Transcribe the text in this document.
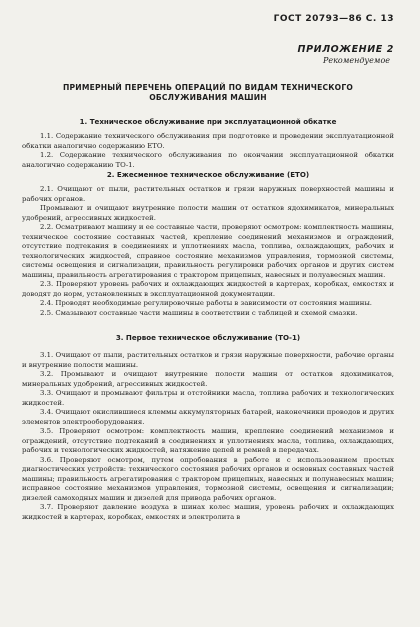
ГОСТ 20793—86 С. 13
ПРИЛОЖЕНИЕ 2
Рекомендуемое
ПРИМЕРНЫЙ ПЕРЕЧЕНЬ ОПЕРАЦИЙ ПО ВИДАМ ТЕХНИЧЕСКОГО
ОБСЛУЖИВАНИЯ МАШИН
1. Техническое обслуживание при эксплуатационной обкатке

1.1. Содержание технического обслуживания при подготовке и проведении эксплуатационной обкатки аналогично содержанию ЕТО.

1.2. Содержание технического обслуживания по окончании эксплуатационной обкатки аналогично содержанию ТО-1.

2. Ежесменное техническое обслуживание (ЕТО)

2.1. Очищают от пыли, растительных остатков и грязи наружных поверхностей машины и рабочих органов.

Промывают и очищают внутренние полости машин от остатков ядохимикатов, минеральных удобрений, агрессивных жидкостей.

2.2. Осматривают машину и ее составные части, проверяют осмотром: комплектность машины, техническое состояние составных частей, крепление соединений механизмов и ограждений, отсутствие подтекания в соединениях и уплотнениях масла, топлива, охлаждающих, рабочих и технологических жидкостей, справное состояние механизмов управления, тормозной системы, системы освещения и сигнализации, правильность регулировки рабочих органов и других систем машины, правильность агрегатирования с трактором прицепных, навесных и полуавесных машин.

2.3. Проверяют уровень рабочих и охлаждающих жидкостей в картерах, коробках, емкостях и доводят до норм, установленных в эксплуатационной документации.

2.4. Проводят необходимые регулировочные работы в зависимости от состояния машины.

2.5. Смазывают составные части машины в соответствии с таблицей и схемой смазки.

3. Первое техническое обслуживание (ТО-1)

3.1. Очищают от пыли, растительных остатков и грязи наружные поверхности, рабочие органы и внутренние полости машины.

3.2. Промывают и очищают внутренние полости машин от остатков ядохимикатов, минеральных удобрений, агрессивных жидкостей.

3.3. Очищают и промывают фильтры и отстойники масла, топлива рабочих и технологических жидкостей.

3.4. Очищают окислившиеся клеммы аккумуляторных батарей, наконечники проводов и других элементов электрооборудования.

3.5. Проверяют осмотром: комплектность машин, крепление соединений механизмов и ограждений, отсутствие подтеканий в соединениях и уплотнениях масла, топлива, охлаждающих, рабочих и технологических жидкостей, натяжение цепей и ремней в передачах.

3.6. Проверяют осмотром, путем опробования в работе и с использованием простых диагностических устройств: технического состояния рабочих органов и основных составных частей машины; правильность агрегатирования с трактором прицепных, навесных и полунавесных машин; исправное состояние механизмов управления, тормозной системы, освещения и сигнализации; дизелей самоходных машин и дизелей для привода рабочих органов.

3.7. Проверяют давление воздуха в шинах колес машин, уровень рабочих и охлаждающих жидкостей в картерах, коробках, емкостях и электролита в
